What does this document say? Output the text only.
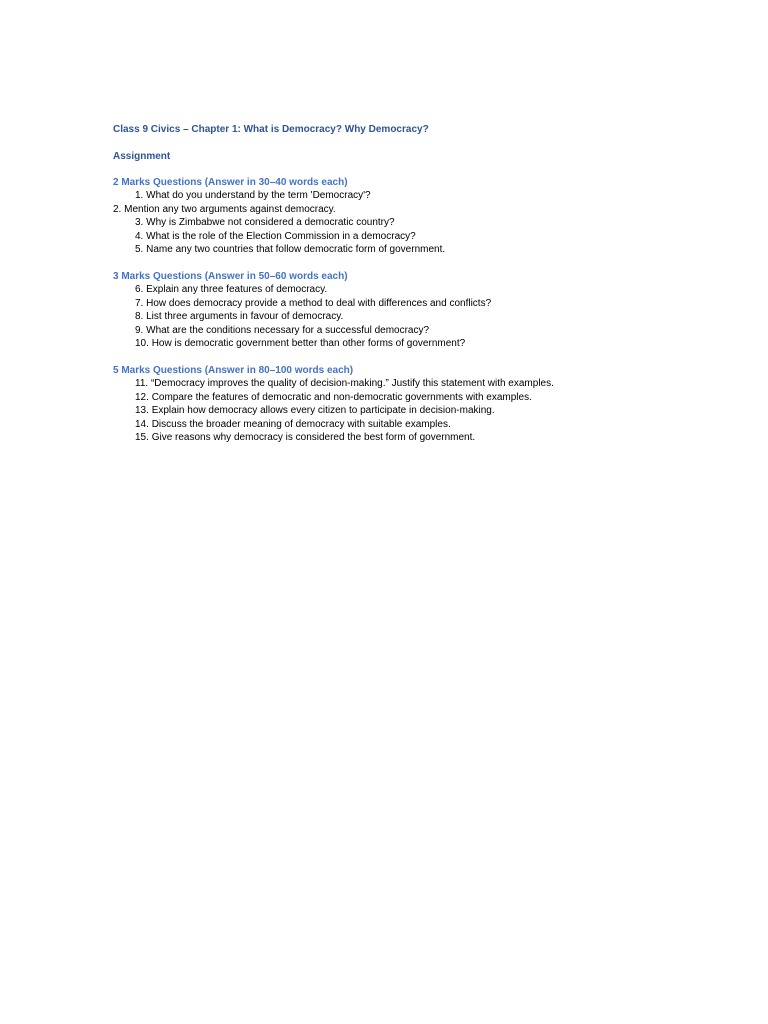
Class 9 Civics – Chapter 1: What is Democracy? Why Democracy?

Assignment

2 Marks Questions (Answer in 30–40 words each)

1. What do you understand by the term 'Democracy'?

2. Mention any two arguments against democracy.

3. Why is Zimbabwe not considered a democratic country?

4. What is the role of the Election Commission in a democracy?

5. Name any two countries that follow democratic form of government.

3 Marks Questions (Answer in 50–60 words each)

6. Explain any three features of democracy.

7. How does democracy provide a method to deal with differences and conflicts?

8. List three arguments in favour of democracy.

9. What are the conditions necessary for a successful democracy?

10. How is democratic government better than other forms of government?

5 Marks Questions (Answer in 80–100 words each)

11. “Democracy improves the quality of decision-making.” Justify this statement with examples.

12. Compare the features of democratic and non-democratic governments with examples.

13. Explain how democracy allows every citizen to participate in decision-making.

14. Discuss the broader meaning of democracy with suitable examples.

15. Give reasons why democracy is considered the best form of government.
